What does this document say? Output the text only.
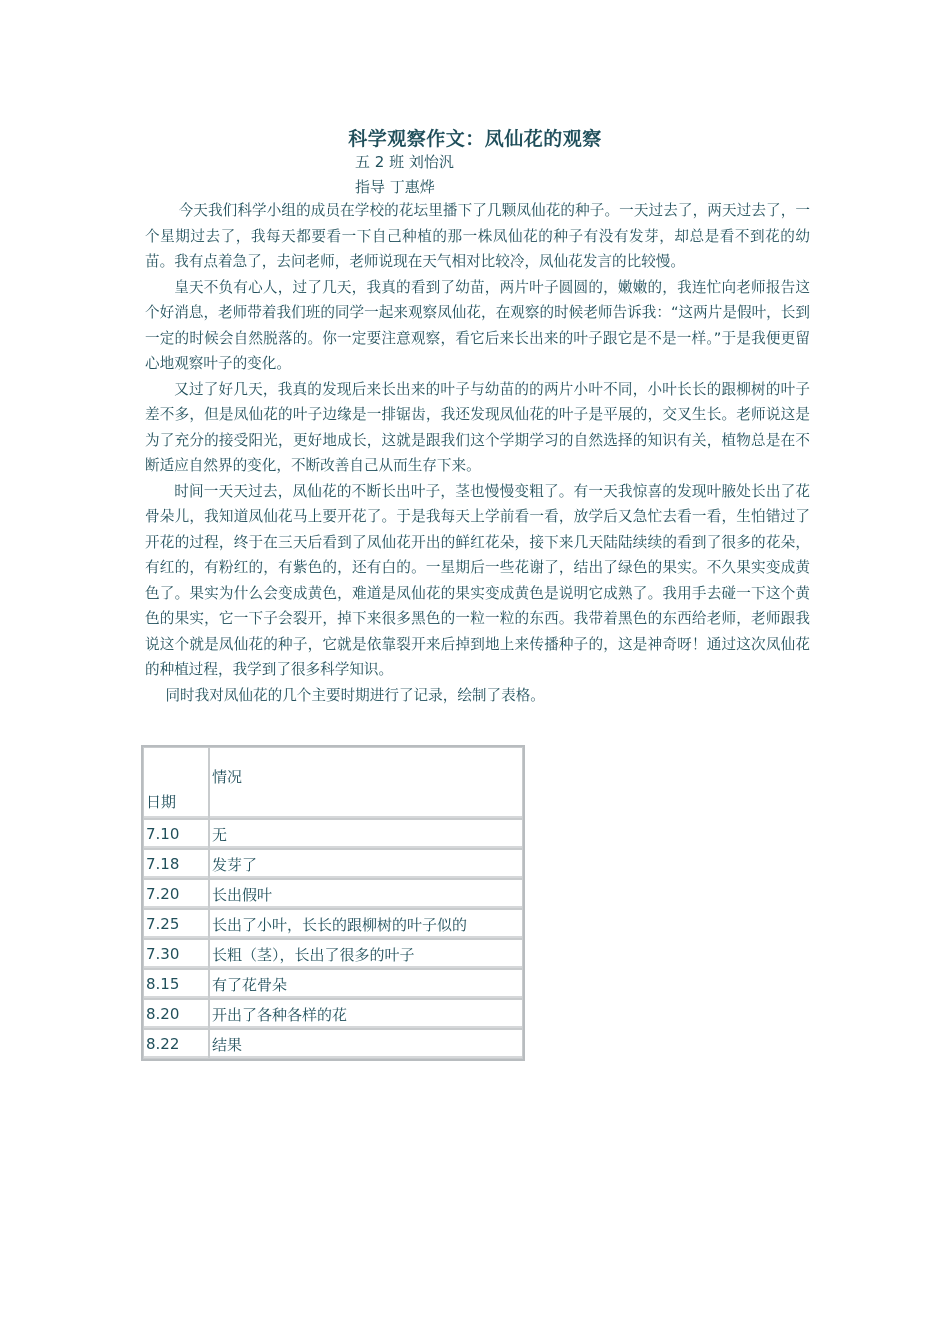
科学观察作文：凤仙花的观察
五 2 班 刘怡汎
指导 丁惠烨

今天我们科学小组的成员在学校的花坛里播下了几颗凤仙花的种子。一天过去了，两天过去了，一个星期过去了，我每天都要看一下自己种植的那一株凤仙花的种子有没有发芽，却总是看不到花的幼苗。我有点着急了，去问老师，老师说现在天气相对比较冷，凤仙花发言的比较慢。

皇天不负有心人，过了几天，我真的看到了幼苗，两片叶子圆圆的，嫩嫩的，我连忙向老师报告这个好消息，老师带着我们班的同学一起来观察凤仙花，在观察的时候老师告诉我：“这两片是假叶，长到一定的时候会自然脱落的。你一定要注意观察，看它后来长出来的叶子跟它是不是一样。”于是我便更留心地观察叶子的变化。

又过了好几天，我真的发现后来长出来的叶子与幼苗的的两片小叶不同，小叶长长的跟柳树的叶子差不多，但是凤仙花的叶子边缘是一排锯齿，我还发现凤仙花的叶子是平展的，交叉生长。老师说这是为了充分的接受阳光，更好地成长，这就是跟我们这个学期学习的自然选择的知识有关，植物总是在不断适应自然界的变化，不断改善自己从而生存下来。

时间一天天过去，凤仙花的不断长出叶子，茎也慢慢变粗了。有一天我惊喜的发现叶腋处长出了花骨朵儿，我知道凤仙花马上要开花了。于是我每天上学前看一看，放学后又急忙去看一看，生怕错过了开花的过程，终于在三天后看到了凤仙花开出的鲜红花朵，接下来几天陆陆续续的看到了很多的花朵，有红的，有粉红的，有紫色的，还有白的。一星期后一些花谢了，结出了绿色的果实。不久果实变成黄色了。果实为什么会变成黄色，难道是凤仙花的果实变成黄色是说明它成熟了。我用手去碰一下这个黄色的果实，它一下子会裂开，掉下来很多黑色的一粒一粒的东西。我带着黑色的东西给老师，老师跟我说这个就是凤仙花的种子，它就是依靠裂开来后掉到地上来传播种子的，这是神奇呀！通过这次凤仙花的种植过程，我学到了很多科学知识。

同时我对凤仙花的几个主要时期进行了记录，绘制了表格。

日期	情况
7.10	无
7.18	发芽了
7.20	长出假叶
7.25	长出了小叶，长长的跟柳树的叶子似的
7.30	长粗（茎），长出了很多的叶子
8.15	有了花骨朵
8.20	开出了各种各样的花
8.22	结果
